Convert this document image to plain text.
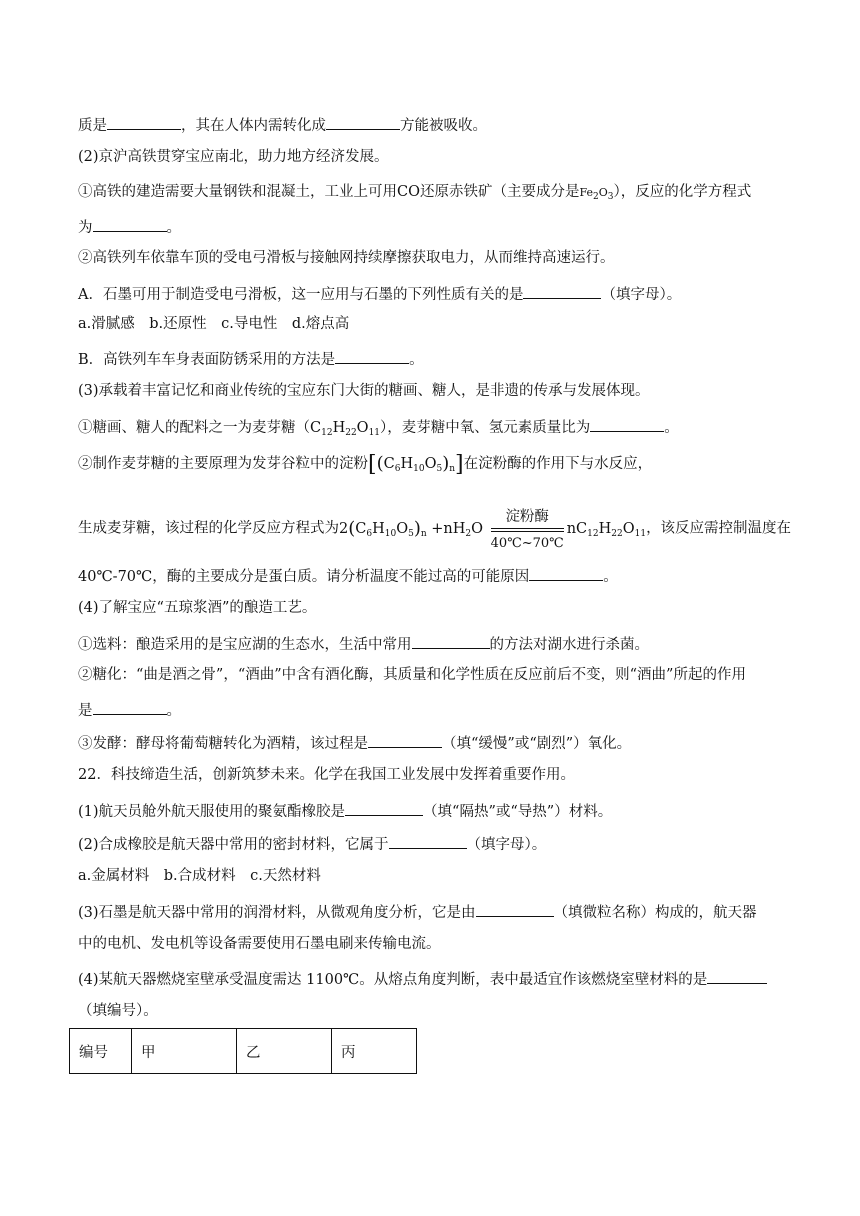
质是	，其在人体内需转化成	方能被吸收。
(2)京沪高铁贯穿宝应南北，助力地方经济发展。
①高铁的建造需要大量钢铁和混凝土，工业上可用CO还原赤铁矿（主要成分是$Fe_2O_3$），反应的化学方程式
为	。
②高铁列车依靠车顶的受电弓滑板与接触网持续摩擦获取电力，从而维持高速运行。
A．石墨可用于制造受电弓滑板，这一应用与石墨的下列性质有关的是	（填字母）。
a.滑腻感　b.还原性　c.导电性　d.熔点高
B．高铁列车车身表面防锈采用的方法是	。
(3)承载着丰富记忆和商业传统的宝应东门大街的糖画、糖人，是非遗的传承与发展体现。
①糖画、糖人的配料之一为麦芽糖$(C_{12}H_{22}O_{11})$，麦芽糖中氧、氢元素质量比为	。
②制作麦芽糖的主要原理为发芽谷粒中的淀粉$[(C_6H_{10}O_5)_n]$在淀粉酶的作用下与水反应，
生成麦芽糖，该过程的化学反应方程式为$2(C_6H_{10}O_5)_n +nH_2O \frac{\text{淀粉酶}}{40℃\sim 70℃} nC_{12}H_{22}O_{11}$，该反应需控制温度在
40℃-70℃，酶的主要成分是蛋白质。请分析温度不能过高的可能原因	。
(4)了解宝应“五琼浆酒”的酿造工艺。
①选料：酿造采用的是宝应湖的生态水，生活中常用	的方法对湖水进行杀菌。
②糖化：“曲是酒之骨”，“酒曲”中含有酒化酶，其质量和化学性质在反应前后不变，则“酒曲”所起的作用
是	。
③发酵：酵母将葡萄糖转化为酒精，该过程是	（填“缓慢”或“剧烈”）氧化。
22．科技缔造生活，创新筑梦未来。化学在我国工业发展中发挥着重要作用。
(1)航天员舱外航天服使用的聚氨酯橡胶是	（填“隔热”或“导热”）材料。
(2)合成橡胶是航天器中常用的密封材料，它属于	（填字母）。
a.金属材料　b.合成材料　c.天然材料
(3)石墨是航天器中常用的润滑材料，从微观角度分析，它是由	（填微粒名称）构成的，航天器
中的电机、发电机等设备需要使用石墨电刷来传输电流。
(4)某航天器燃烧室壁承受温度需达 1100℃。从熔点角度判断，表中最适宜作该燃烧室壁材料的是
（填编号）。
编号	甲	乙	丙
